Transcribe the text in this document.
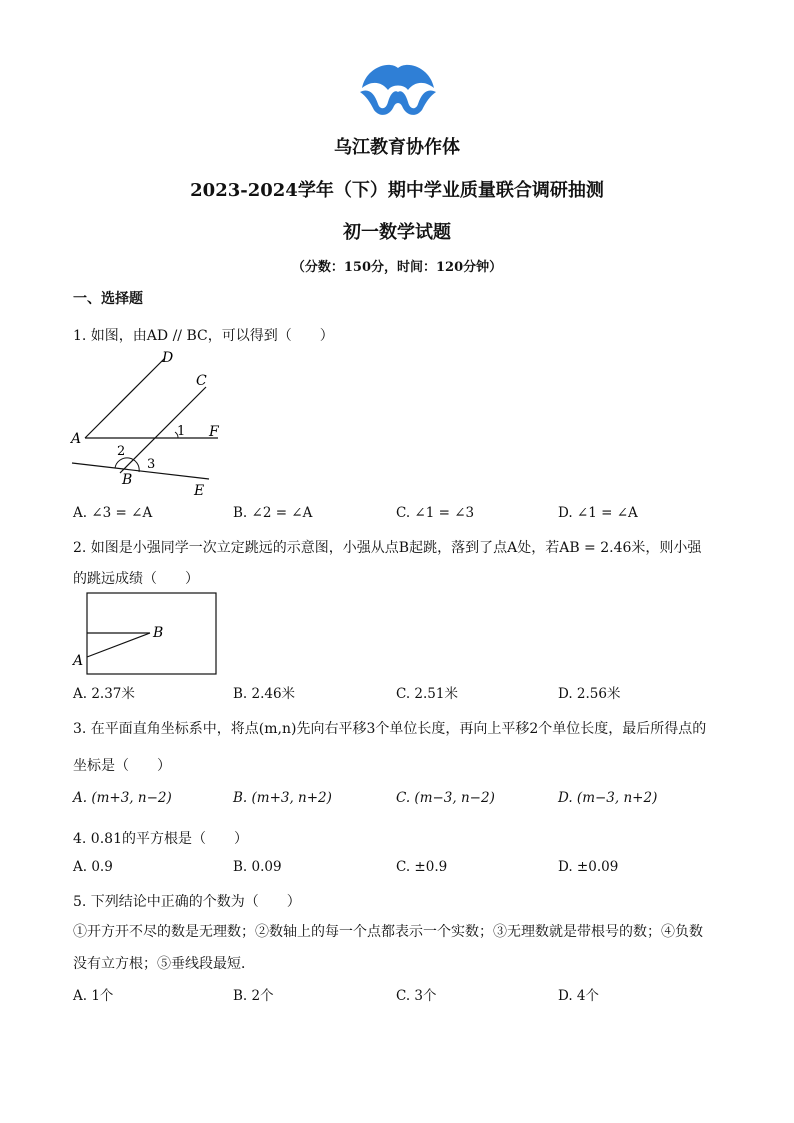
乌江教育协作体
2023-2024学年（下）期中学业质量联合调研抽测
初一数学试题
（分数：150分，时间：120分钟）
一、选择题
1. 如图，由AD // BC，可以得到（　　）
D
C
A	1 F
2
3
B
E
A. ∠3 = ∠A	B. ∠2 = ∠A	C. ∠1 = ∠3	D. ∠1 = ∠A
2. 如图是小强同学一次立定跳远的示意图，小强从点B起跳，落到了点A处，若AB = 2.46米，则小强
的跳远成绩（　　）
B
A
A. 2.37米	B. 2.46米	C. 2.51米	D. 2.56米
3. 在平面直角坐标系中，将点(m,n)先向右平移3个单位长度，再向上平移2个单位长度，最后所得点的
坐标是（　　）
A. (m+3, n−2)	B. (m+3, n+2)	C. (m−3, n−2)	D. (m−3, n+2)
4. 0.81的平方根是（　　）
A. 0.9	B. 0.09	C. ±0.9	D. ±0.09
5. 下列结论中正确的个数为（　　）
①开方开不尽的数是无理数；②数轴上的每一个点都表示一个实数；③无理数就是带根号的数；④负数
没有立方根；⑤垂线段最短．
A. 1个	B. 2个	C. 3个	D. 4个
